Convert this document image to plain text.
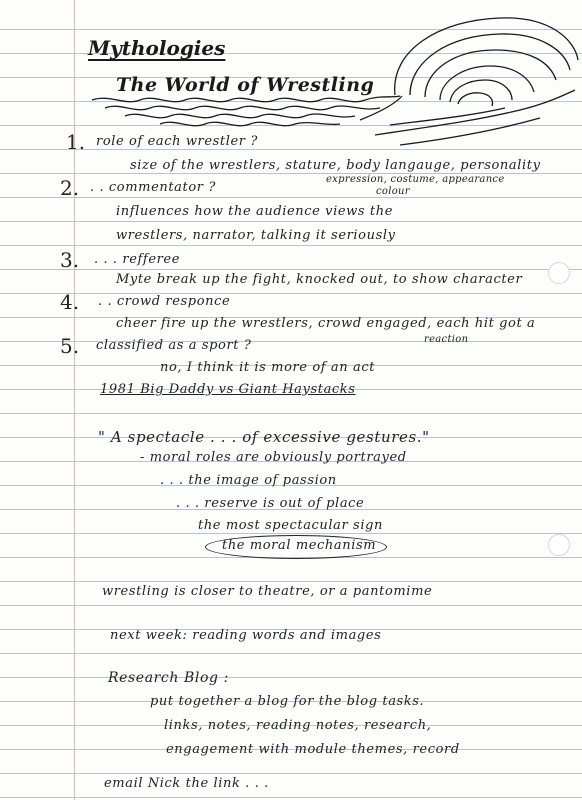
Mythologies
The World of Wrestling
1. role of each wrestler ?
size of the wrestlers, stature, body langauge, personality
expression, costume, appearance
colour
2. . . commentator ?
influences how the audience views the
wrestlers, narrator, talking it seriously
3. . . . refferee
Myte break up the fight, knocked out, to show character
4. . . crowd responce
cheer fire up the wrestlers, crowd engaged, each hit got a
reaction
5. classified as a sport ?
no, I think it is more of an act
1981 Big Daddy vs Giant Haystacks
" A spectacle . . . of excessive gestures."
- moral roles are obviously portrayed
. . . the image of passion
. . . reserve is out of place
the most spectacular sign
the moral mechanism
wrestling is closer to theatre, or a pantomime
next week: reading words and images
Research Blog :
put together a blog for the blog tasks.
links, notes, reading notes, research,
engagement with module themes, record
email Nick the link . . .
